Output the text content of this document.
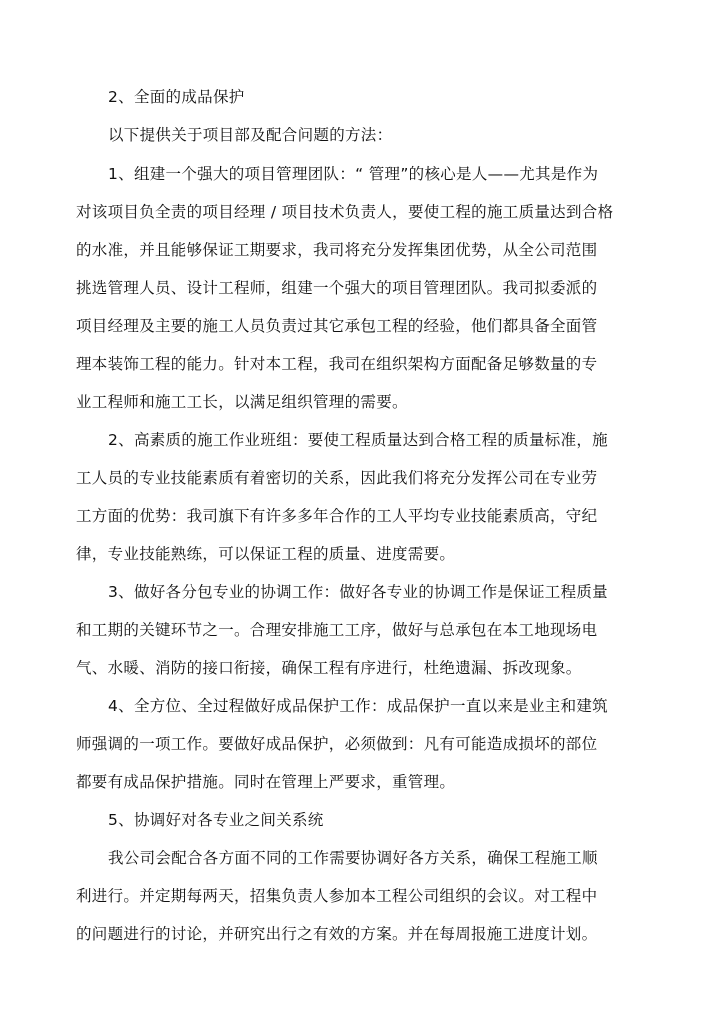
2、全面的成品保护
以下提供关于项目部及配合问题的方法：
1、组建一个强大的项目管理团队：“ 管理”的核心是人——尤其是作为
对该项目负全责的项目经理 / 项目技术负责人，要使工程的施工质量达到合格
的水准，并且能够保证工期要求，我司将充分发挥集团优势，从全公司范围
挑选管理人员、设计工程师，组建一个强大的项目管理团队。我司拟委派的
项目经理及主要的施工人员负责过其它承包工程的经验，他们都具备全面管
理本装饰工程的能力。针对本工程，我司在组织架构方面配备足够数量的专
业工程师和施工工长，以满足组织管理的需要。
2、高素质的施工作业班组：要使工程质量达到合格工程的质量标准，施
工人员的专业技能素质有着密切的关系，因此我们将充分发挥公司在专业劳
工方面的优势：我司旗下有许多多年合作的工人平均专业技能素质高，守纪
律，专业技能熟练，可以保证工程的质量、进度需要。
3、做好各分包专业的协调工作：做好各专业的协调工作是保证工程质量
和工期的关键环节之一。合理安排施工工序，做好与总承包在本工地现场电
气、水暖、消防的接口衔接，确保工程有序进行，杜绝遗漏、拆改现象。
4、全方位、全过程做好成品保护工作：成品保护一直以来是业主和建筑
师强调的一项工作。要做好成品保护，必须做到：凡有可能造成损坏的部位
都要有成品保护措施。同时在管理上严要求，重管理。
5、协调好对各专业之间关系统
我公司会配合各方面不同的工作需要协调好各方关系，确保工程施工顺
利进行。并定期每两天，招集负责人参加本工程公司组织的会议。对工程中
的问题进行的讨论，并研究出行之有效的方案。并在每周报施工进度计划。
